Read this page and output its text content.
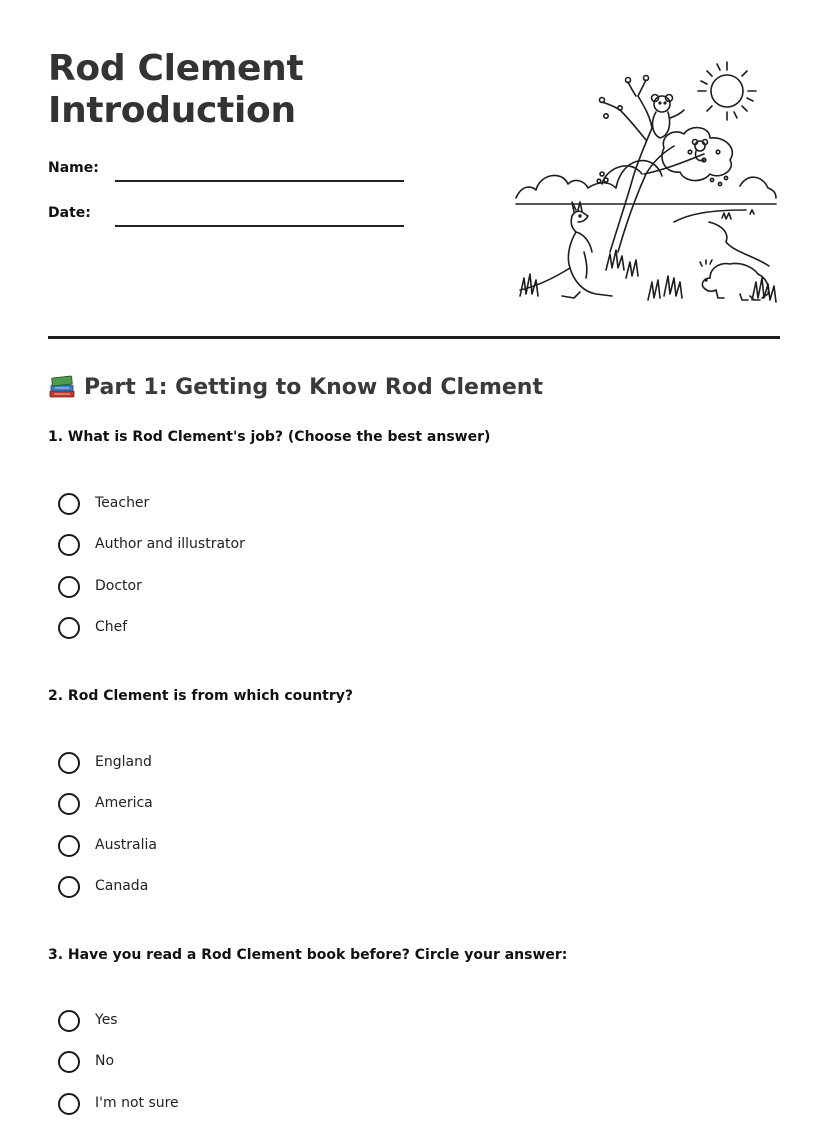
Rod Clement
Introduction
Name:
Date:
Part 1: Getting to Know Rod Clement
1. What is Rod Clement's job? (Choose the best answer)
Teacher
Author and illustrator
Doctor
Chef
2. Rod Clement is from which country?
England
America
Australia
Canada
3. Have you read a Rod Clement book before? Circle your answer:
Yes
No
I'm not sure
